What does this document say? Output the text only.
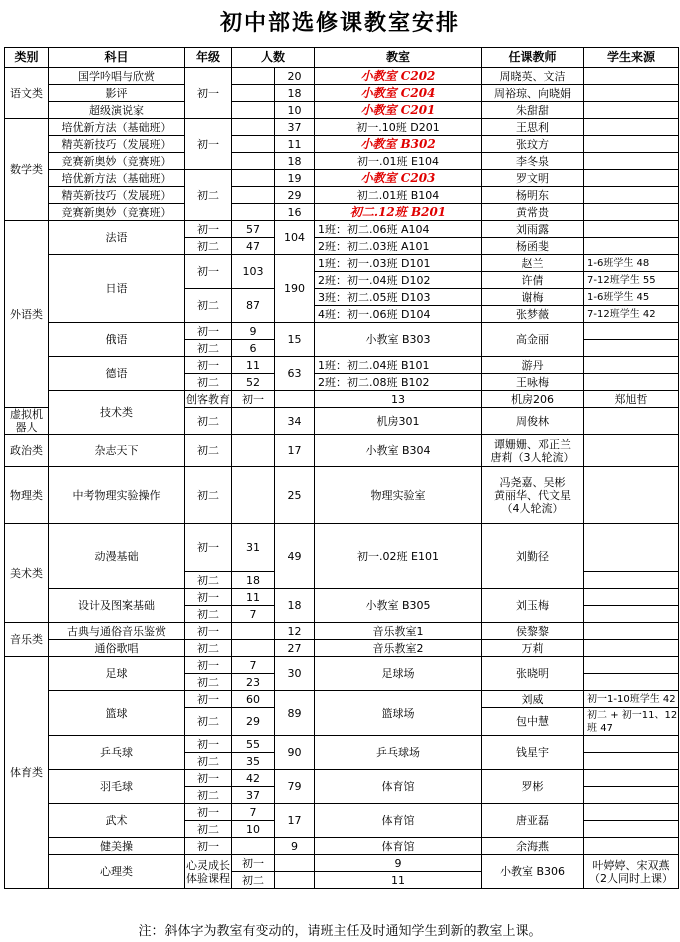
初中部选修课教室安排
类别	科目	年级	人数		教室	任课教师	学生来源	
语文类	国学吟唱与欣赏	初一		20	小教室 C202	周晓英、文洁		
	影评			18	小教室 C204	周裕琼、向晓娟		
	超级演说家			10	小教室 C201	朱甜甜		
数学类	培优新方法（基础班）	初一		37	初一.10班 D201	王思利		
	精英新技巧（发展班）			11	小教室 B302	张玟方		
	竞赛新奥妙（竞赛班）			18	初一.01班 E104	李冬泉		
	培优新方法（基础班）	初二		19	小教室 C203	罗文明		
	精英新技巧（发展班）			29	初二.01班 B104	杨明东		
	竞赛新奥妙（竞赛班）			16	初二.12班 B201	黄常贵		
外语类	法语	初一	57	104	1班：初二.06班 A104	刘雨露		
		初二	47		2班：初二.03班 A101	杨函斐		
	日语	初一	103	190	1班：初一.03班 D101	赵兰	1-6班学生 48	
					2班：初一.04班 D102	许倩	7-12班学生 55	
		初二	87		3班：初二.05班 D103	谢梅	1-6班学生 45	
					4班：初一.06班 D104	张梦薇	7-12班学生 42	
	俄语	初一	9	15	小教室 B303	高金丽		
		初二	6					
	德语	初一	11	63	1班：初二.04班 B101	游丹		
		初二	52		2班：初二.08班 B102	王咏梅		
	技术类	创客教育	初一		13	机房206	郑旭哲	
虚拟机器人		初二		34	机房301	周俊林		
政治类	杂志天下	初二		17	小教室 B304	谭姗姗、邓正兰
唐莉（3人轮流）		
物理类	中考物理实验操作	初二		25	物理实验室	冯尧嘉、吴彬
黄丽华、代文星
（4人轮流）		
美术类	动漫基础	初一	31	49	初一.02班 E101	刘勤径		
		初二	18					
	设计及图案基础	初一	11	18	小教室 B305	刘玉梅		
		初二	7					
音乐类	古典与通俗音乐鉴赏	初一		12	音乐教室1	侯黎黎		
	通俗歌唱	初二		27	音乐教室2	万莉		
体育类	足球	初一	7	30	足球场	张晓明		
		初二	23					
	篮球	初一	60	89	篮球场	刘威	初一1-10班学生 42	
		初二	29			包中慧	初二 + 初一11、12
班 47	
	乒乓球	初一	55	90	乒乓球场	钱星宇		
		初二	35					
	羽毛球	初一	42	79	体育馆	罗彬		
		初二	37					
	武术	初一	7	17	体育馆	唐亚磊		
		初二	10					
	健美操	初一		9	体育馆	余海燕		
	心理类	心灵成长体验课程	初一		9	小教室 B306	叶婷婷、宋双燕
（2人同时上课）	
			初二		11			
注：斜体字为教室有变动的，请班主任及时通知学生到新的教室上课。
